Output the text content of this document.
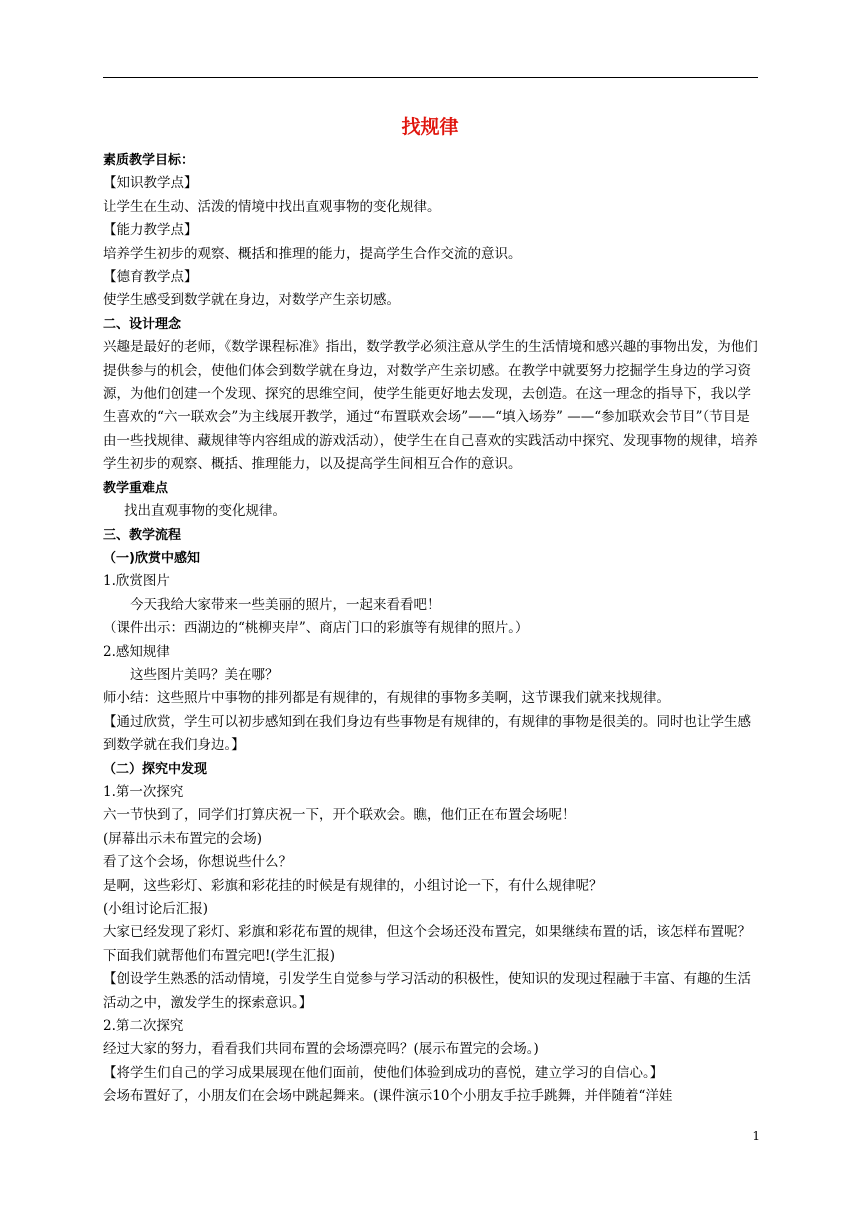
找规律

素质教学目标：

【知识教学点】

让学生在生动、活泼的情境中找出直观事物的变化规律。

【能力教学点】

培养学生初步的观察、概括和推理的能力，提高学生合作交流的意识。

【德育教学点】

使学生感受到数学就在身边，对数学产生亲切感。

二、设计理念

兴趣是最好的老师，《数学课程标准》指出，数学教学必须注意从学生的生活情境和感兴趣的事物出发，为他们提供参与的机会，使他们体会到数学就在身边，对数学产生亲切感。在教学中就要努力挖掘学生身边的学习资源，为他们创建一个发现、探究的思维空间，使学生能更好地去发现，去创造。在这一理念的指导下，我以学生喜欢的“六一联欢会”为主线展开教学，通过“布置联欢会场”——“填入场券” ——“参加联欢会节目”（节目是由一些找规律、藏规律等内容组成的游戏活动），使学生在自己喜欢的实践活动中探究、发现事物的规律，培养学生初步的观察、概括、推理能力，以及提高学生间相互合作的意识。

教学重难点

找出直观事物的变化规律。

三、教学流程

（一)欣赏中感知

1.欣赏图片

今天我给大家带来一些美丽的照片，一起来看看吧！

（课件出示：西湖边的“桃柳夹岸”、商店门口的彩旗等有规律的照片。）

2.感知规律

这些图片美吗？美在哪？

师小结：这些照片中事物的排列都是有规律的，有规律的事物多美啊，这节课我们就来找规律。

【通过欣赏，学生可以初步感知到在我们身边有些事物是有规律的，有规律的事物是很美的。同时也让学生感到数学就在我们身边。】

（二）探究中发现

1.第一次探究

六一节快到了，同学们打算庆祝一下，开个联欢会。瞧，他们正在布置会场呢！

(屏幕出示未布置完的会场)

看了这个会场，你想说些什么？

是啊，这些彩灯、彩旗和彩花挂的时候是有规律的，小组讨论一下，有什么规律呢？

(小组讨论后汇报)

大家已经发现了彩灯、彩旗和彩花布置的规律，但这个会场还没布置完，如果继续布置的话，该怎样布置呢？下面我们就帮他们布置完吧!(学生汇报)

【创设学生熟悉的活动情境，引发学生自觉参与学习活动的积极性，使知识的发现过程融于丰富、有趣的生活活动之中，激发学生的探索意识。】

2.第二次探究

经过大家的努力，看看我们共同布置的会场漂亮吗？(展示布置完的会场。)

【将学生们自己的学习成果展现在他们面前，使他们体验到成功的喜悦，建立学习的自信心。】

会场布置好了，小朋友们在会场中跳起舞来。(课件演示10个小朋友手拉手跳舞，并伴随着“洋娃

1
